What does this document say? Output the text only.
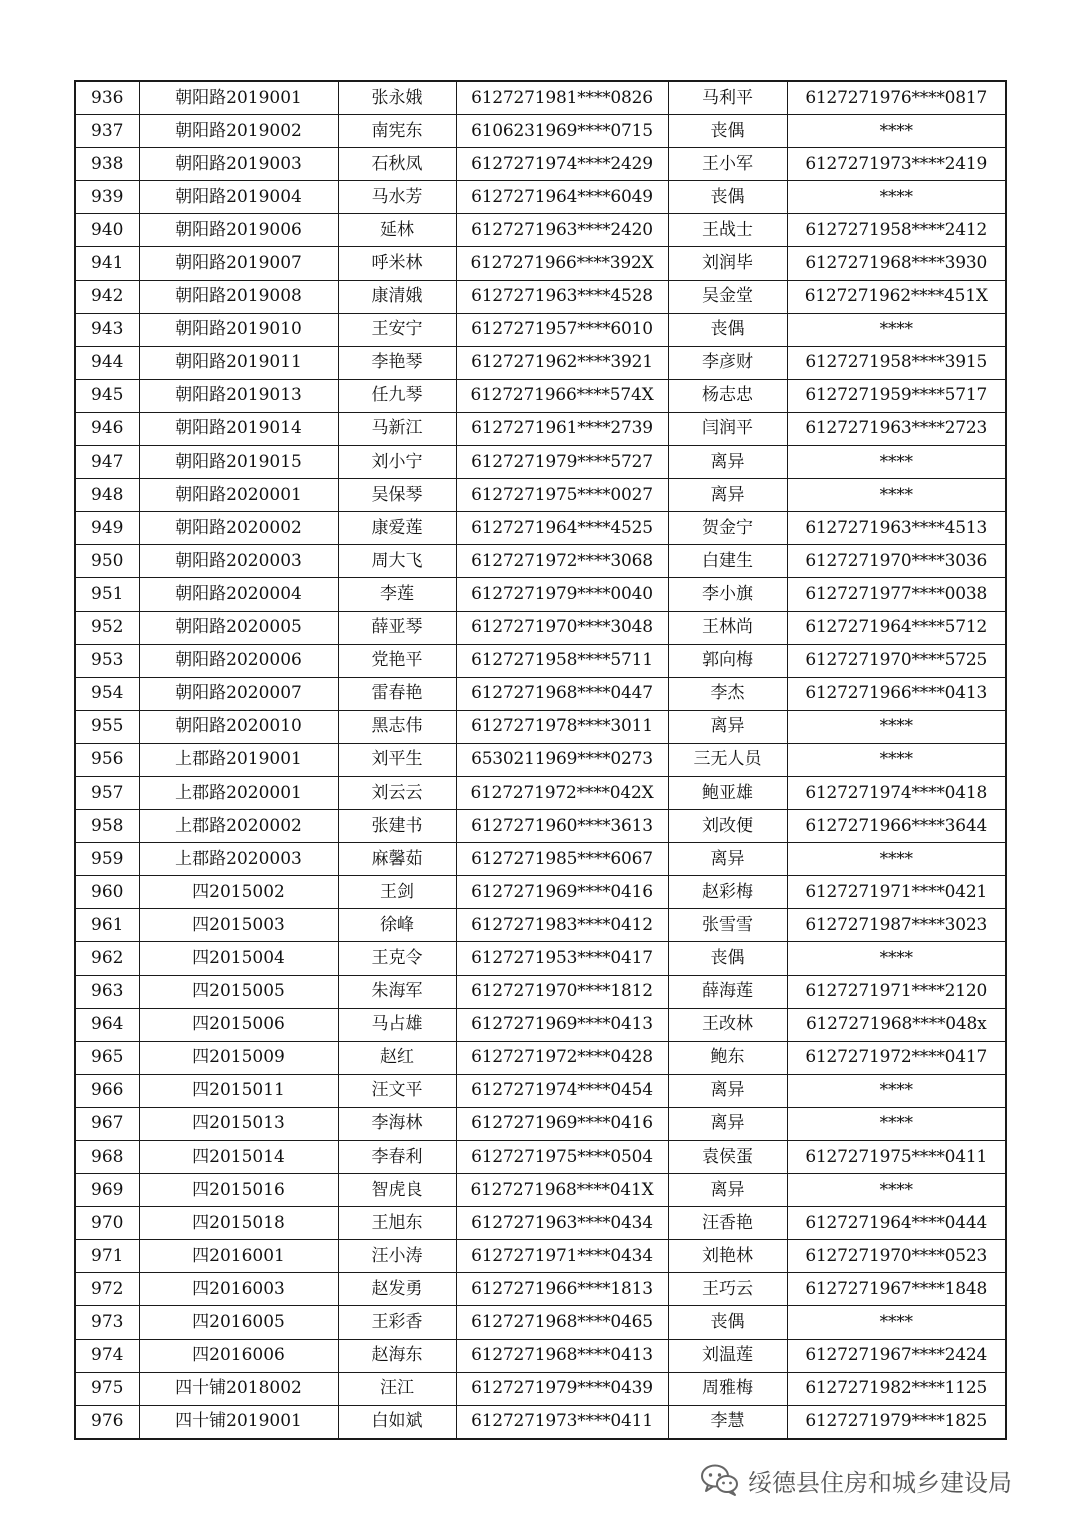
936	朝阳路2019001	张永娥	6127271981****0826	马利平	6127271976****0817
937	朝阳路2019002	南宪东	6106231969****0715	丧偶	****
938	朝阳路2019003	石秋凤	6127271974****2429	王小军	6127271973****2419
939	朝阳路2019004	马水芳	6127271964****6049	丧偶	****
940	朝阳路2019006	延林	6127271963****2420	王战士	6127271958****2412
941	朝阳路2019007	呼米林	6127271966****392X	刘润毕	6127271968****3930
942	朝阳路2019008	康清娥	6127271963****4528	吴金堂	6127271962****451X
943	朝阳路2019010	王安宁	6127271957****6010	丧偶	****
944	朝阳路2019011	李艳琴	6127271962****3921	李彦财	6127271958****3915
945	朝阳路2019013	任九琴	6127271966****574X	杨志忠	6127271959****5717
946	朝阳路2019014	马新江	6127271961****2739	闫润平	6127271963****2723
947	朝阳路2019015	刘小宁	6127271979****5727	离异	****
948	朝阳路2020001	吴保琴	6127271975****0027	离异	****
949	朝阳路2020002	康爱莲	6127271964****4525	贺金宁	6127271963****4513
950	朝阳路2020003	周大飞	6127271972****3068	白建生	6127271970****3036
951	朝阳路2020004	李莲	6127271979****0040	李小旗	6127271977****0038
952	朝阳路2020005	薛亚琴	6127271970****3048	王林尚	6127271964****5712
953	朝阳路2020006	党艳平	6127271958****5711	郭向梅	6127271970****5725
954	朝阳路2020007	雷春艳	6127271968****0447	李杰	6127271966****0413
955	朝阳路2020010	黑志伟	6127271978****3011	离异	****
956	上郡路2019001	刘平生	6530211969****0273	三无人员	****
957	上郡路2020001	刘云云	6127271972****042X	鲍亚雄	6127271974****0418
958	上郡路2020002	张建书	6127271960****3613	刘改便	6127271966****3644
959	上郡路2020003	麻馨茹	6127271985****6067	离异	****
960	四2015002	王剑	6127271969****0416	赵彩梅	6127271971****0421
961	四2015003	徐峰	6127271983****0412	张雪雪	6127271987****3023
962	四2015004	王克令	6127271953****0417	丧偶	****
963	四2015005	朱海军	6127271970****1812	薛海莲	6127271971****2120
964	四2015006	马占雄	6127271969****0413	王改林	6127271968****048x
965	四2015009	赵红	6127271972****0428	鲍东	6127271972****0417
966	四2015011	汪文平	6127271974****0454	离异	****
967	四2015013	李海林	6127271969****0416	离异	****
968	四2015014	李春利	6127271975****0504	袁侯蛋	6127271975****0411
969	四2015016	智虎良	6127271968****041X	离异	****
970	四2015018	王旭东	6127271963****0434	汪香艳	6127271964****0444
971	四2016001	汪小涛	6127271971****0434	刘艳林	6127271970****0523
972	四2016003	赵发勇	6127271966****1813	王巧云	6127271967****1848
973	四2016005	王彩香	6127271968****0465	丧偶	****
974	四2016006	赵海东	6127271968****0413	刘温莲	6127271967****2424
975	四十铺2018002	汪江	6127271979****0439	周雅梅	6127271982****1125
976	四十铺2019001	白如斌	6127271973****0411	李慧	6127271979****1825
绥德县住房和城乡建设局
